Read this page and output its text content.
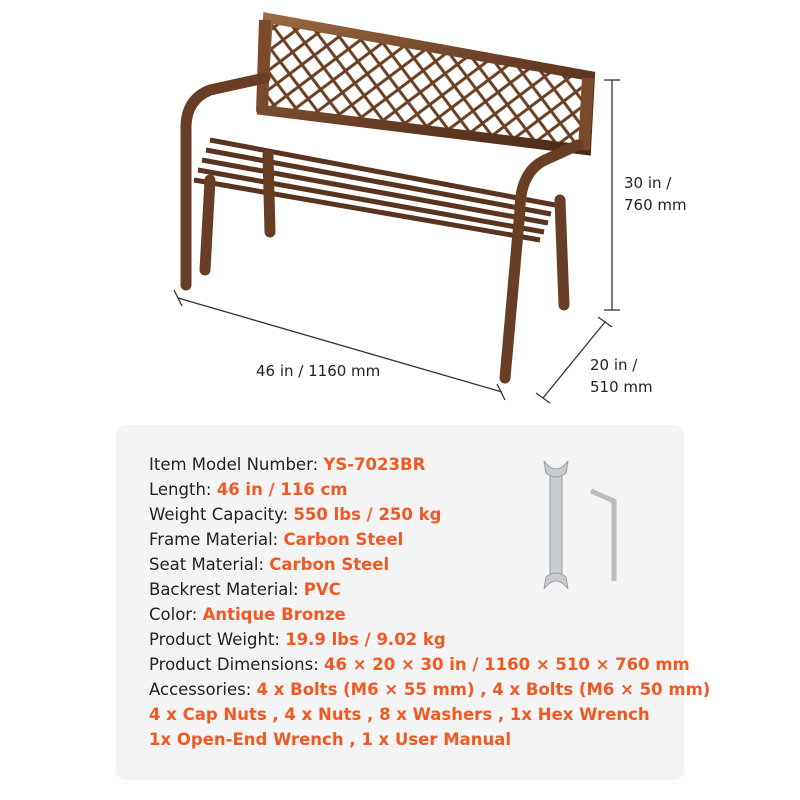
30 in /
760 mm
46 in / 1160 mm	20 in /
510 mm
Item Model Number: YS-7023BR
Length: 46 in / 116 cm
Weight Capacity: 550 lbs / 250 kg
Frame Material: Carbon Steel
Seat Material: Carbon Steel
Backrest Material: PVC
Color: Antique Bronze
Product Weight: 19.9 lbs / 9.02 kg
Product Dimensions: 46 × 20 × 30 in / 1160 × 510 × 760 mm
Accessories: 4 x Bolts (M6 × 55 mm) , 4 x Bolts (M6 × 50 mm)
4 x Cap Nuts , 4 x Nuts , 8 x Washers , 1x Hex Wrench
1x Open-End Wrench , 1 x User Manual
